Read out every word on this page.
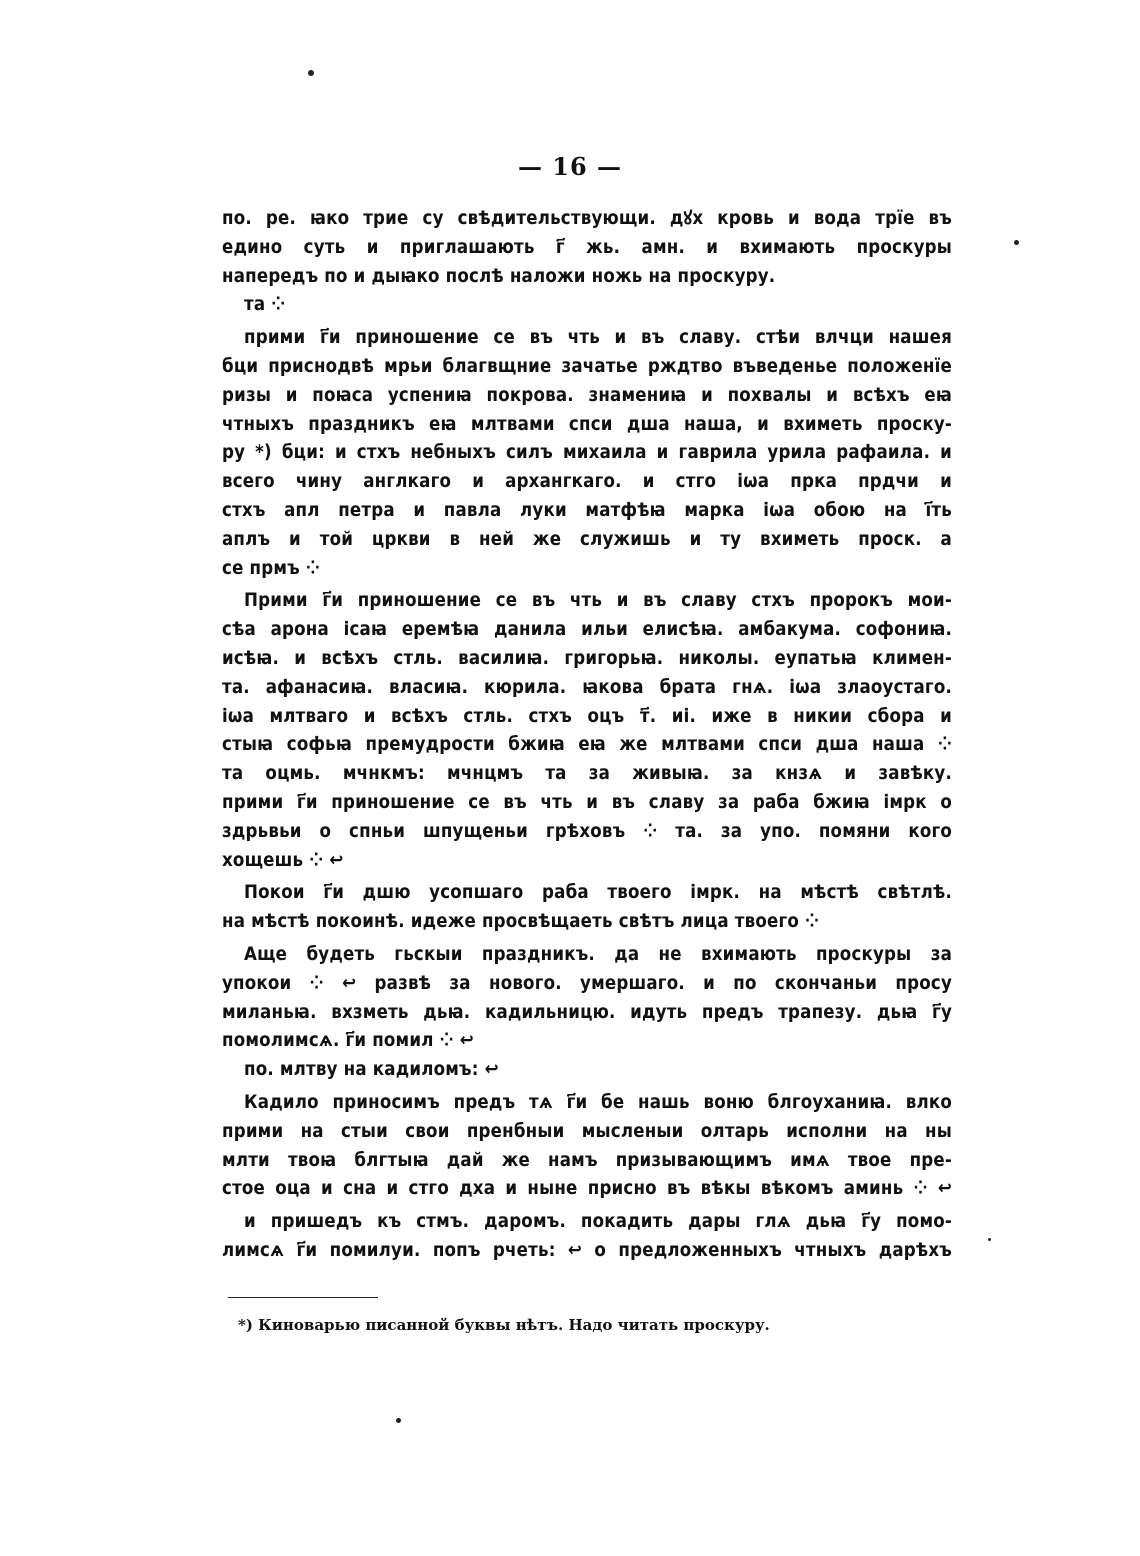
— 16 —
по. ре. ꙗко трие су свѣдительствующи. дꙋх кровь и вода трїе въ
едино суть и приглашають г҃ жь. амн. и вхимають проскуры
напередъ по и дыꙗко послѣ наложи ножь на проскуру.
та ⁘
прими г҃и приношение се въ чть и въ славу. стѣи влчци нашея
бци приснодвѣ мрьи благвщние зачатье рждтво въведенье положенїе
ризы и поꙗса успениꙗ покрова. знамениꙗ и похвалы и всѣхъ еꙗ
чтныхъ праздникъ еꙗ млтвами спси дша наша, и вхиметь проску-
ру *) бци: и стхъ небныхъ силъ михаила и гаврила урила рафаила. и
всего чину англкаго и архангкаго. и стго іѡа прка прдчи и
стхъ апл петра и павла луки матфѣꙗ марка іѡа обою на і҃ть
аплъ и той цркви в ней же служишь и ту вхиметь проск. а
се прмъ ⁘
Прими г҃и приношение се въ чть и въ славу стхъ пророкъ мои-
сѣа арона ісаꙗ еремѣꙗ данила ильи елисѣꙗ. амбакума. софониꙗ.
исѣꙗ. и всѣхъ стль. василиꙗ. григорьꙗ. николы. еупатьꙗ климен-
та. афанасиꙗ. власиꙗ. кюрила. ꙗкова брата гнѧ. іѡа злаоустаго.
іѡа млтваго и всѣхъ стль. стхъ оцъ т҃. иі. иже в никии сбора и
стыꙗ софьꙗ премудрости бжиꙗ еꙗ же млтвами спси дша наша ⁘
та оцмь. мчнкмъ: мчнцмъ та за живыꙗ. за кнзѧ и завѣку.
прими г҃и приношение се въ чть и въ славу за раба бжиꙗ імрк о
здрьвьи о спньи шпущеньи грѣховъ ⁘ та. за упо. помяни кого
хощешь ⁘ ↩
Покои г҃и дшю усопшаго раба твоего імрк. на мѣстѣ свѣтлѣ.
на мѣстѣ покоинѣ. идеже просвѣщаеть свѣтъ лица твоего ⁘
Аще будеть гьскыи праздникъ. да не вхимають проскуры за
упокои ⁘ ↩ развѣ за нового. умершаго. и по скончаньи просу
миланьꙗ. вхзметь дьꙗ. кадильницю. идуть предъ трапезу. дьꙗ г҃у
помолимсѧ. г҃и помил ⁘ ↩
по. млтву на кадиломъ: ↩
Кадило приносимъ предъ тѧ г҃и бе нашь воню блгоуханиꙗ. влко
прими на стыи свои пренбныи мысленыи олтарь исполни на ны
млти твоꙗ блгтыꙗ дай же намъ призывающимъ имѧ твое пре-
стое оца и сна и стго дха и ныне присно въ вѣкы вѣкомъ аминь ⁘ ↩
и пришедъ къ стмъ. даромъ. покадить дары глѧ дьꙗ г҃у помо-
лимсѧ г҃и помилуи. попъ рчеть: ↩ о предложенныхъ чтныхъ дарѣхъ
*) Киноварью писанной буквы нѣтъ. Надо читать проскуру.
